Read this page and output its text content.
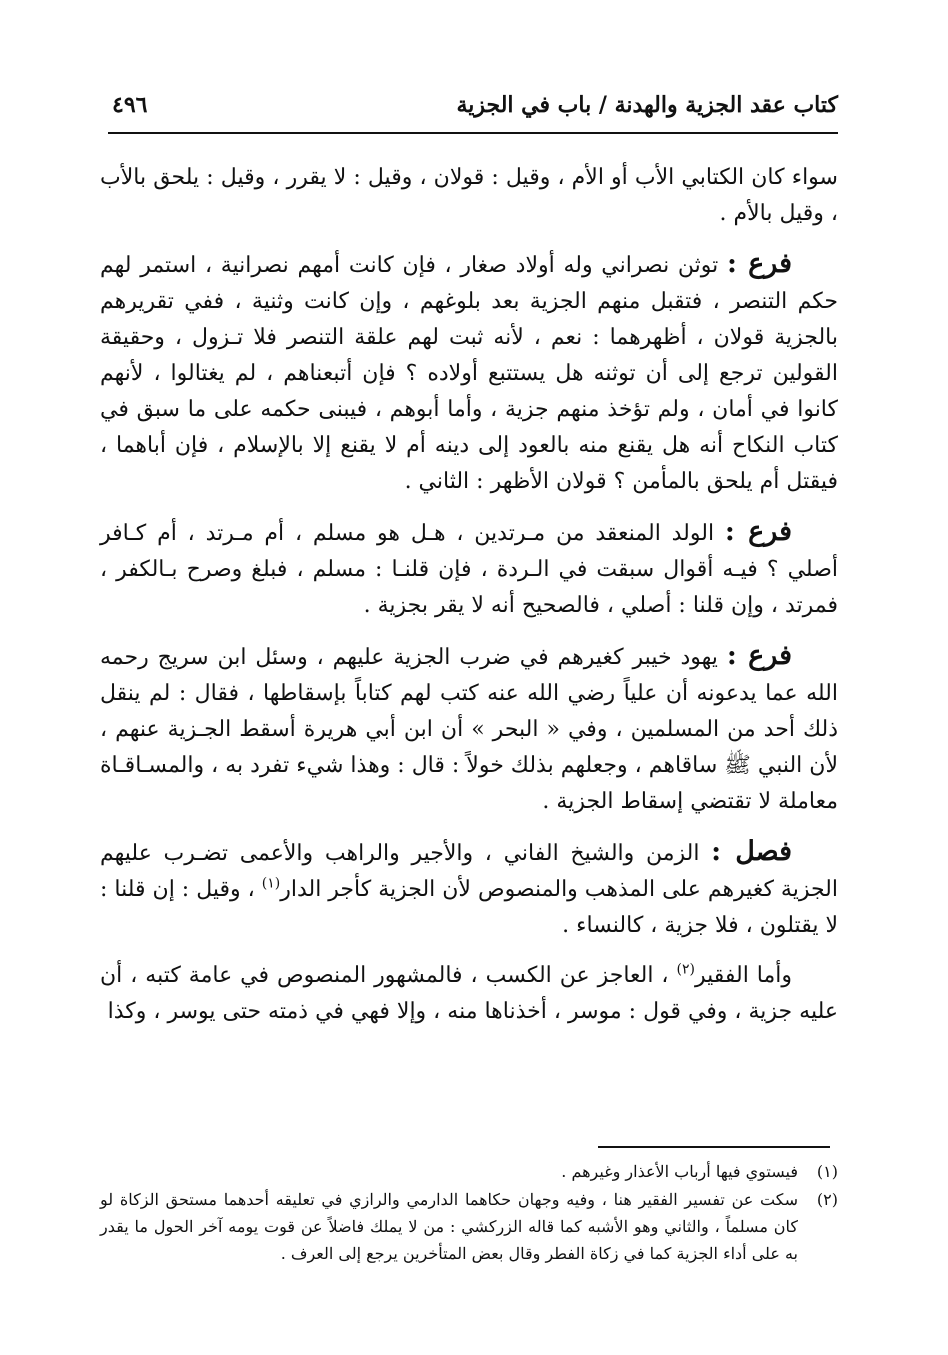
كتاب عقد الجزية والهدنة / باب في الجزية
٤٩٦

سواء كان الكتابي الأب أو الأم ، وقيل : قولان ، وقيل : لا يقرر ، وقيل : يلحق بالأب ، وقيل بالأم .

فرع : توثن نصراني وله أولاد صغار ، فإن كانت أمهم نصرانية ، استمر لهم حكم التنصر ، فتقبل منهم الجزية بعد بلوغهم ، وإن كانت وثنية ، ففي تقريرهم بالجزية قولان ، أظهرهما : نعم ، لأنه ثبت لهم علقة التنصر فلا تـزول ، وحقيقة القولين ترجع إلى أن توثنه هل يستتبع أولاده ؟ فإن أتبعناهم ، لم يغتالوا ، لأنهم كانوا في أمان ، ولم تؤخذ منهم جزية ، وأما أبوهم ، فيبنى حكمه على ما سبق في كتاب النكاح أنه هل يقنع منه بالعود إلى دينه أم لا يقنع إلا بالإسلام ، فإن أباهما ، فيقتل أم يلحق بالمأمن ؟ قولان الأظهر : الثاني .

فرع : الولد المنعقد من مـرتدين ، هـل هو مسلم ، أم مـرتد ، أم كـافر أصلي ؟ فيـه أقوال سبقت في الـردة ، فإن قلنـا : مسلم ، فبلغ وصرح بـالكفر ، فمرتد ، وإن قلنا : أصلي ، فالصحيح أنه لا يقر بجزية .

فرع : يهود خيبر كغيرهم في ضرب الجزية عليهم ، وسئل ابن سريج رحمه الله عما يدعونه أن علياً رضي الله عنه كتب لهم كتاباً بإسقاطها ، فقال : لم ينقل ذلك أحد من المسلمين ، وفي « البحر » أن ابن أبي هريرة أسقط الجـزية عنهم ، لأن النبي ﷺ ساقاهم ، وجعلهم بذلك خولاً : قال : وهذا شيء تفرد به ، والمسـاقـاة معاملة لا تقتضي إسقاط الجزية .

فصل : الزمن والشيخ الفاني ، والأجير والراهب والأعمى تضـرب عليهم الجزية كغيرهم على المذهب والمنصوص لأن الجزية كأجر الدار$^{(١)}$ ، وقيل : إن قلنا : لا يقتلون ، فلا جزية ، كالنساء .

وأما الفقير$^{(٢)}$ ، العاجز عن الكسب ، فالمشهور المنصوص في عامة كتبه ، أن عليه جزية ، وفي قول : موسر ، أخذناها منه ، وإلا فهي في ذمته حتى يوسر ، وكذا

(١)
فيستوي فيها أرباب الأعذار وغيرهم .
(٢)
سكت عن تفسير الفقير هنا ، وفيه وجهان حكاهما الدارمي والرازي في تعليقه أحدهما مستحق الزكاة لو كان مسلماً ، والثاني وهو الأشبه كما قاله الزركشي : من لا يملك فاضلاً عن قوت يومه آخر الحول ما يقدر به على أداء الجزية كما في زكاة الفطر وقال بعض المتأخرين يرجع إلى العرف .
